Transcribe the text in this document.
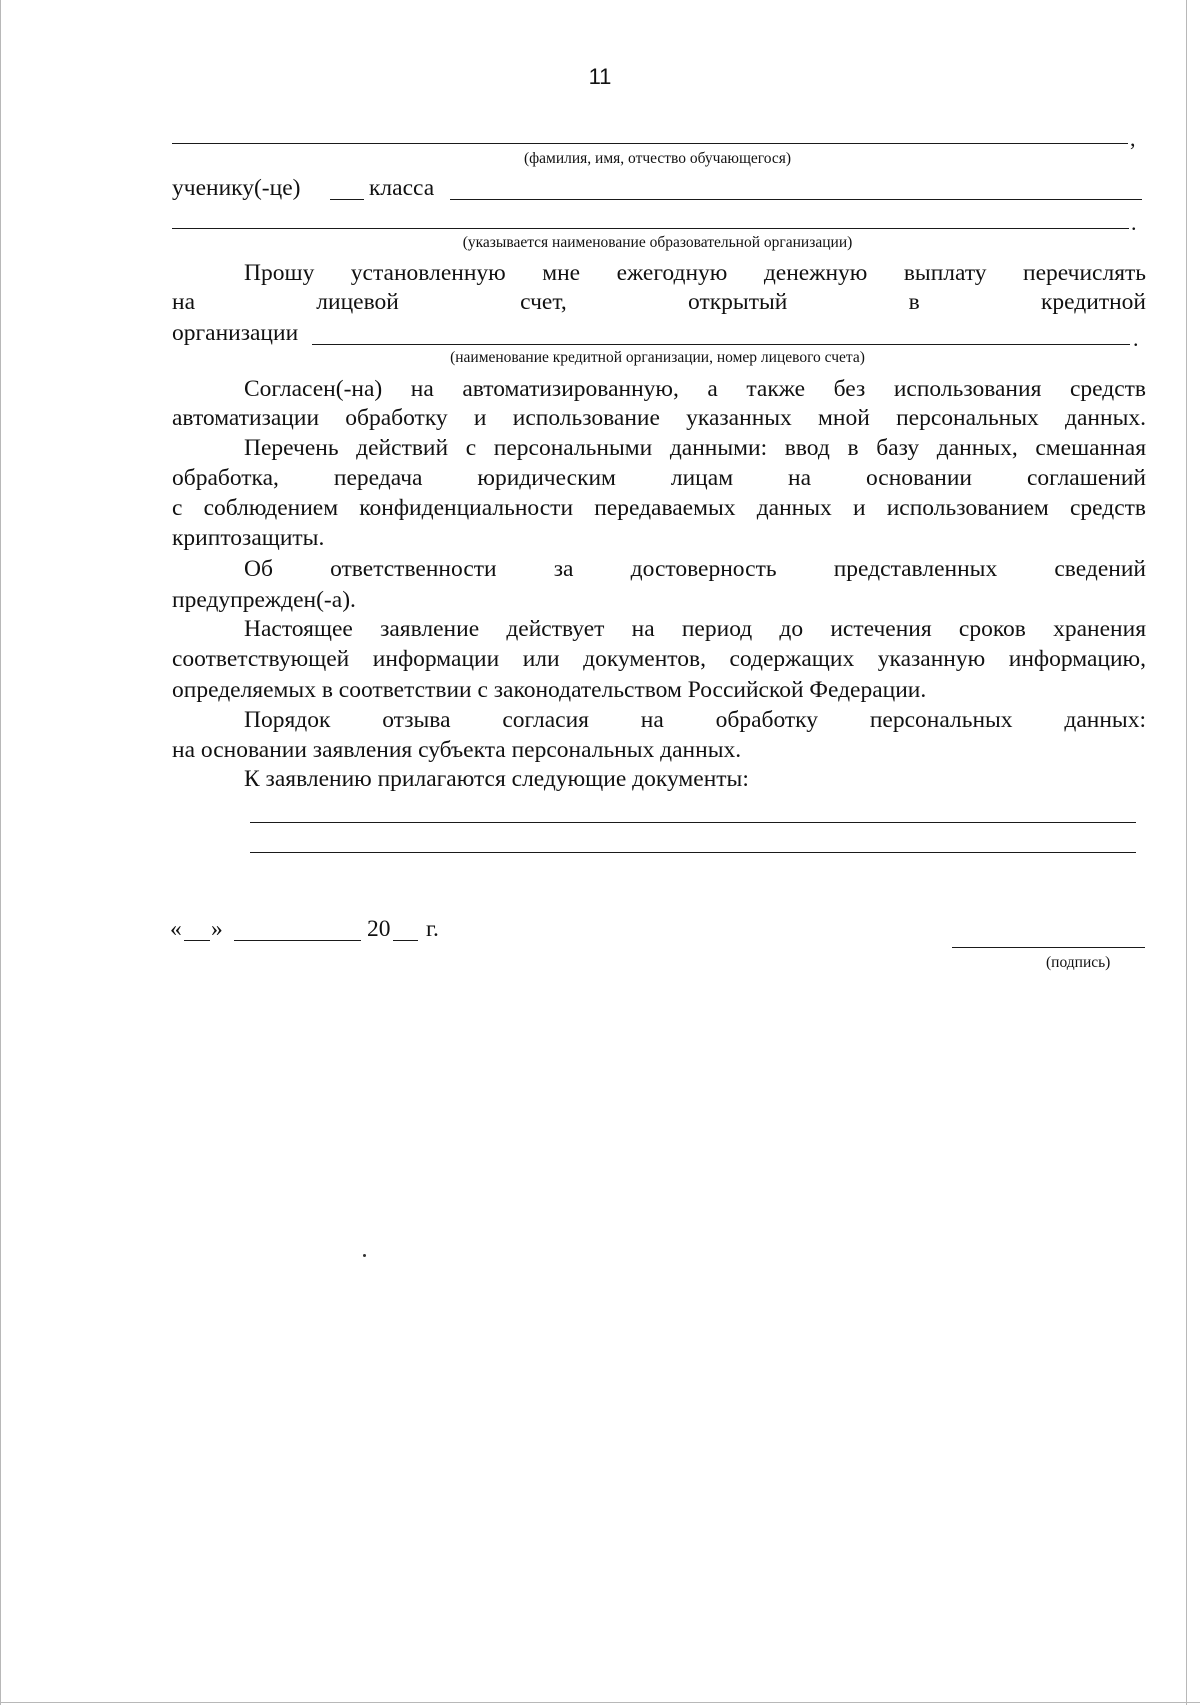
11
,
(фамилия, имя, отчество обучающегося)
ученику(-це)	класса
.
(указывается наименование образовательной организации)
Прошу установленную мне ежегодную денежную выплату перечислять
на лицевой счет, открытый в кредитной
организации	.
(наименование кредитной организации, номер лицевого счета)
Согласен(-на) на автоматизированную, а также без использования средств
автоматизации обработку и использование указанных мной персональных данных.
Перечень действий с персональными данными: ввод в базу данных, смешанная
обработка, передача юридическим лицам на основании соглашений
с соблюдением конфиденциальности передаваемых данных и использованием средств
криптозащиты.
Об ответственности за достоверность представленных сведений
предупрежден(-а).
Настоящее заявление действует на период до истечения сроков хранения
соответствующей информации или документов, содержащих указанную информацию,
определяемых в соответствии с законодательством Российской Федерации.
Порядок отзыва согласия на обработку персональных данных:
на основании заявления субъекта персональных данных.
К заявлению прилагаются следующие документы:
« »	20 г.
(подпись)
